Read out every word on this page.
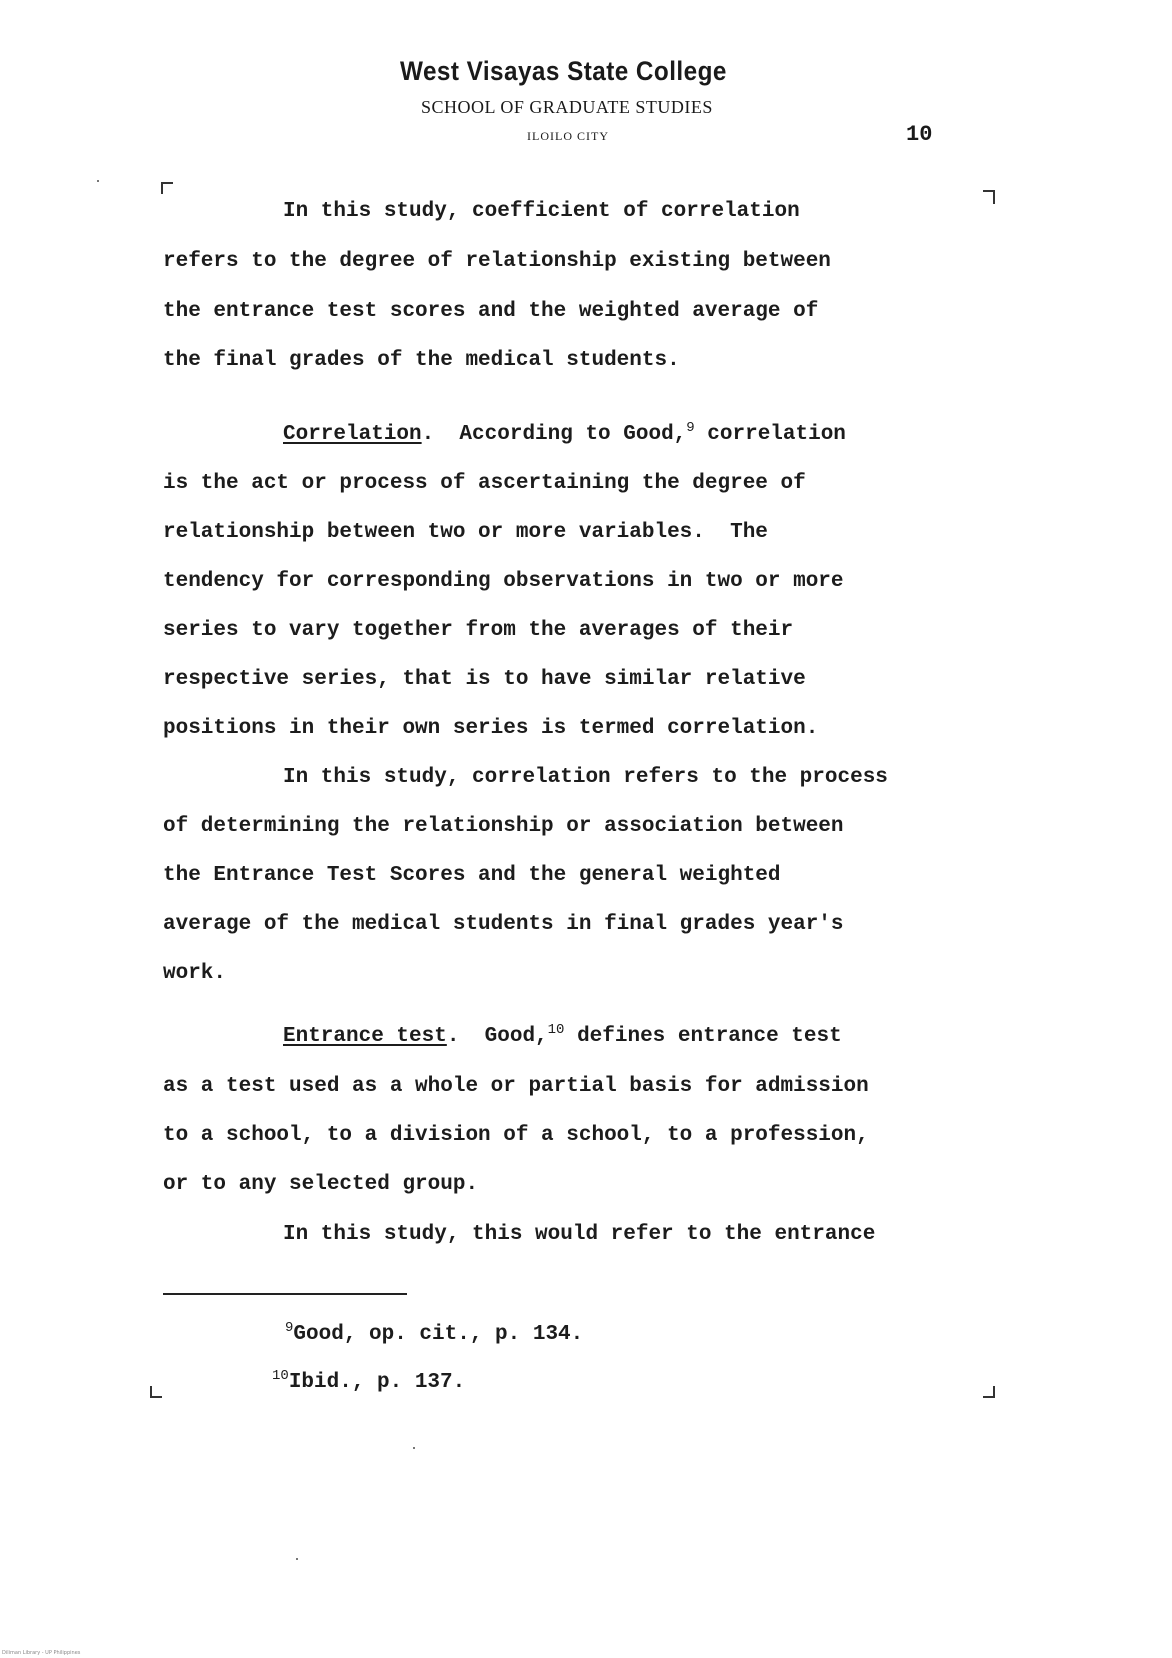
West Visayas State College
SCHOOL OF GRADUATE STUDIES
ILOILO CITY	10
In this study, coefficient of correlation
refers to the degree of relationship existing between
the entrance test scores and the weighted average of
the final grades of the medical students.
Correlation.  According to Good,$^9$ correlation
is the act or process of ascertaining the degree of
relationship between two or more variables.  The
tendency for corresponding observations in two or more
series to vary together from the averages of their
respective series, that is to have similar relative
positions in their own series is termed correlation.
In this study, correlation refers to the process
of determining the relationship or association between
the Entrance Test Scores and the general weighted
average of the medical students in final grades year's
work.
Entrance test.  Good,$^{10}$ defines entrance test
as a test used as a whole or partial basis for admission
to a school, to a division of a school, to a profession,
or to any selected group.
In this study, this would refer to the entrance
$^9$Good, op. cit., p. 134.
$^{10}$Ibid., p. 137.
Diliman Library - UP Philippines
